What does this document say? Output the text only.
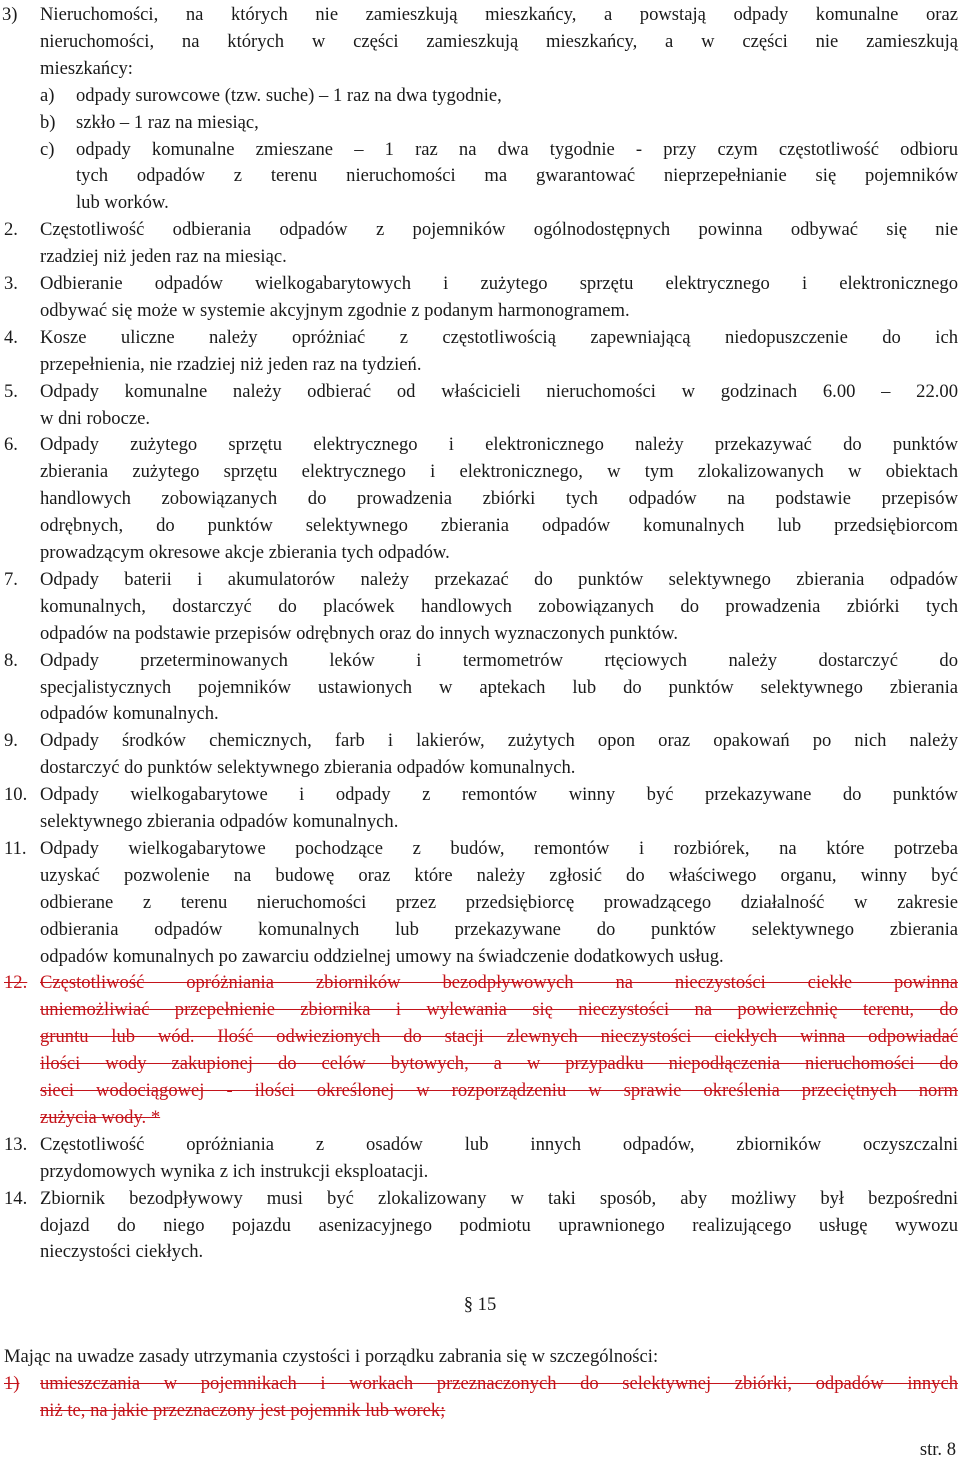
3) Nieruchomości, na których nie zamieszkują mieszkańcy, a powstają odpady komunalne oraz
nieruchomości, na których w części zamieszkują mieszkańcy, a w części nie zamieszkują
mieszkańcy:
a) odpady surowcowe (tzw. suche) – 1 raz na dwa tygodnie,
b) szkło – 1 raz na miesiąc,
c) odpady komunalne zmieszane – 1 raz na dwa tygodnie - przy czym częstotliwość odbioru
tych odpadów z terenu nieruchomości ma gwarantować nieprzepełnianie się pojemników
lub worków.
2. Częstotliwość odbierania odpadów z pojemników ogólnodostępnych powinna odbywać się nie
rzadziej niż jeden raz na miesiąc.
3. Odbieranie odpadów wielkogabarytowych i zużytego sprzętu elektrycznego i elektronicznego
odbywać się może w systemie akcyjnym zgodnie z podanym harmonogramem.
4. Kosze uliczne należy opróżniać z częstotliwością zapewniającą niedopuszczenie do ich
przepełnienia, nie rzadziej niż jeden raz na tydzień.
5. Odpady komunalne należy odbierać od właścicieli nieruchomości w godzinach 6.00 – 22.00
w dni robocze.
6. Odpady zużytego sprzętu elektrycznego i elektronicznego należy przekazywać do punktów
zbierania zużytego sprzętu elektrycznego i elektronicznego, w tym zlokalizowanych w obiektach
handlowych zobowiązanych do prowadzenia zbiórki tych odpadów na podstawie przepisów
odrębnych, do punktów selektywnego zbierania odpadów komunalnych lub przedsiębiorcom
prowadzącym okresowe akcje zbierania tych odpadów.
7. Odpady baterii i akumulatorów należy przekazać do punktów selektywnego zbierania odpadów
komunalnych, dostarczyć do placówek handlowych zobowiązanych do prowadzenia zbiórki tych
odpadów na podstawie przepisów odrębnych oraz do innych wyznaczonych punktów.
8. Odpady przeterminowanych leków i termometrów rtęciowych należy dostarczyć do
specjalistycznych pojemników ustawionych w aptekach lub do punktów selektywnego zbierania
odpadów komunalnych.
9. Odpady środków chemicznych, farb i lakierów, zużytych opon oraz opakowań po nich należy
dostarczyć do punktów selektywnego zbierania odpadów komunalnych.
10. Odpady wielkogabarytowe i odpady z remontów winny być przekazywane do punktów
selektywnego zbierania odpadów komunalnych.
11. Odpady wielkogabarytowe pochodzące z budów, remontów i rozbiórek, na które potrzeba
uzyskać pozwolenie na budowę oraz które należy zgłosić do właściwego organu, winny być
odbierane z terenu nieruchomości przez przedsiębiorcę prowadzącego działalność w zakresie
odbierania odpadów komunalnych lub przekazywane do punktów selektywnego zbierania
odpadów komunalnych po zawarciu oddzielnej umowy na świadczenie dodatkowych usług.
12. Częstotliwość opróżniania zbiorników bezodpływowych na nieczystości ciekłe powinna
uniemożliwiać przepełnienie zbiornika i wylewania się nieczystości na powierzchnię terenu, do
gruntu lub wód. Ilość odwiezionych do stacji zlewnych nieczystości ciekłych winna odpowiadać
ilości wody zakupionej do celów bytowych, a w przypadku niepodłączenia nieruchomości do
sieci wodociągowej - ilości określonej w rozporządzeniu w sprawie określenia przeciętnych norm
zużycia wody. *
13. Częstotliwość opróżniania z osadów lub innych odpadów, zbiorników oczyszczalni
przydomowych wynika z ich instrukcji eksploatacji.
14. Zbiornik bezodpływowy musi być zlokalizowany w taki sposób, aby możliwy był bezpośredni
dojazd do niego pojazdu asenizacyjnego podmiotu uprawnionego realizującego usługę wywozu
nieczystości ciekłych.
§ 15
Mając na uwadze zasady utrzymania czystości i porządku zabrania się w szczególności:
1) umieszczania w pojemnikach i workach przeznaczonych do selektywnej zbiórki, odpadów innych
niż te, na jakie przeznaczony jest pojemnik lub worek;
str. 8
